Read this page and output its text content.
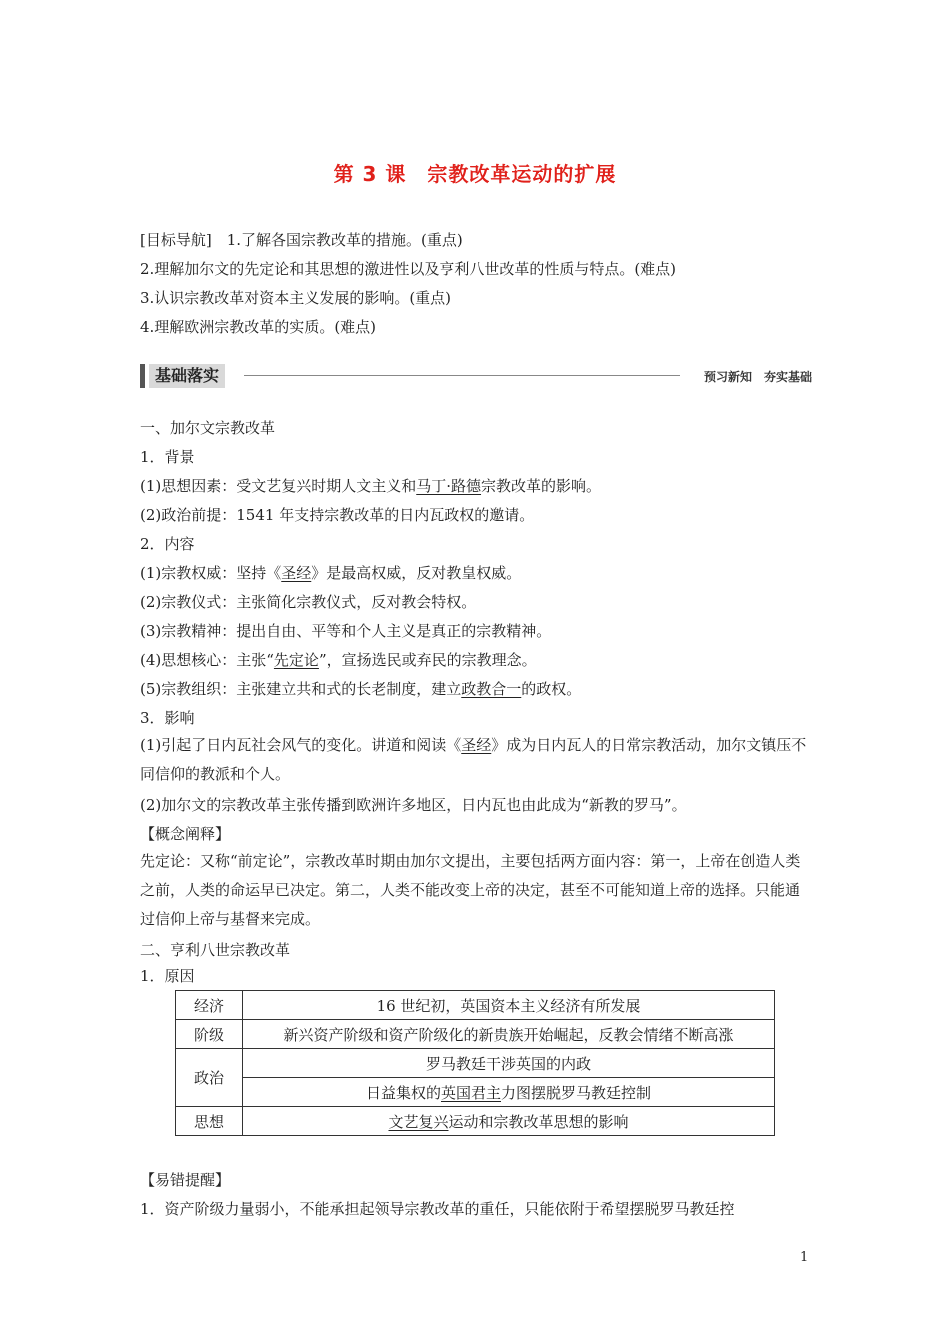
第 3 课　宗教改革运动的扩展
[目标导航]　1.了解各国宗教改革的措施。(重点)
2.理解加尔文的先定论和其思想的激进性以及亨利八世改革的性质与特点。(难点)
3.认识宗教改革对资本主义发展的影响。(重点)
4.理解欧洲宗教改革的实质。(难点)
基础落实	预习新知　夯实基础
一、加尔文宗教改革
1．背景
(1)思想因素：受文艺复兴时期人文主义和马丁·路德宗教改革的影响。
(2)政治前提：1541 年支持宗教改革的日内瓦政权的邀请。
2．内容
(1)宗教权威：坚持《圣经》是最高权威，反对教皇权威。
(2)宗教仪式：主张简化宗教仪式，反对教会特权。
(3)宗教精神：提出自由、平等和个人主义是真正的宗教精神。
(4)思想核心：主张“先定论”，宣扬选民或弃民的宗教理念。
(5)宗教组织：主张建立共和式的长老制度，建立政教合一的政权。
3．影响
(1)引起了日内瓦社会风气的变化。讲道和阅读《圣经》成为日内瓦人的日常宗教活动，加尔文镇压不同信仰的教派和个人。
(2)加尔文的宗教改革主张传播到欧洲许多地区，日内瓦也由此成为“新教的罗马”。
【概念阐释】
先定论：又称“前定论”，宗教改革时期由加尔文提出，主要包括两方面内容：第一，上帝在创造人类之前，人类的命运早已决定。第二，人类不能改变上帝的决定，甚至不可能知道上帝的选择。只能通过信仰上帝与基督来完成。
二、亨利八世宗教改革
1．原因
经济	16 世纪初，英国资本主义经济有所发展
阶级	新兴资产阶级和资产阶级化的新贵族开始崛起，反教会情绪不断高涨
政治	罗马教廷干涉英国的内政
	日益集权的英国君主力图摆脱罗马教廷控制
思想	文艺复兴运动和宗教改革思想的影响
【易错提醒】
1．资产阶级力量弱小，不能承担起领导宗教改革的重任，只能依附于希望摆脱罗马教廷控
1
